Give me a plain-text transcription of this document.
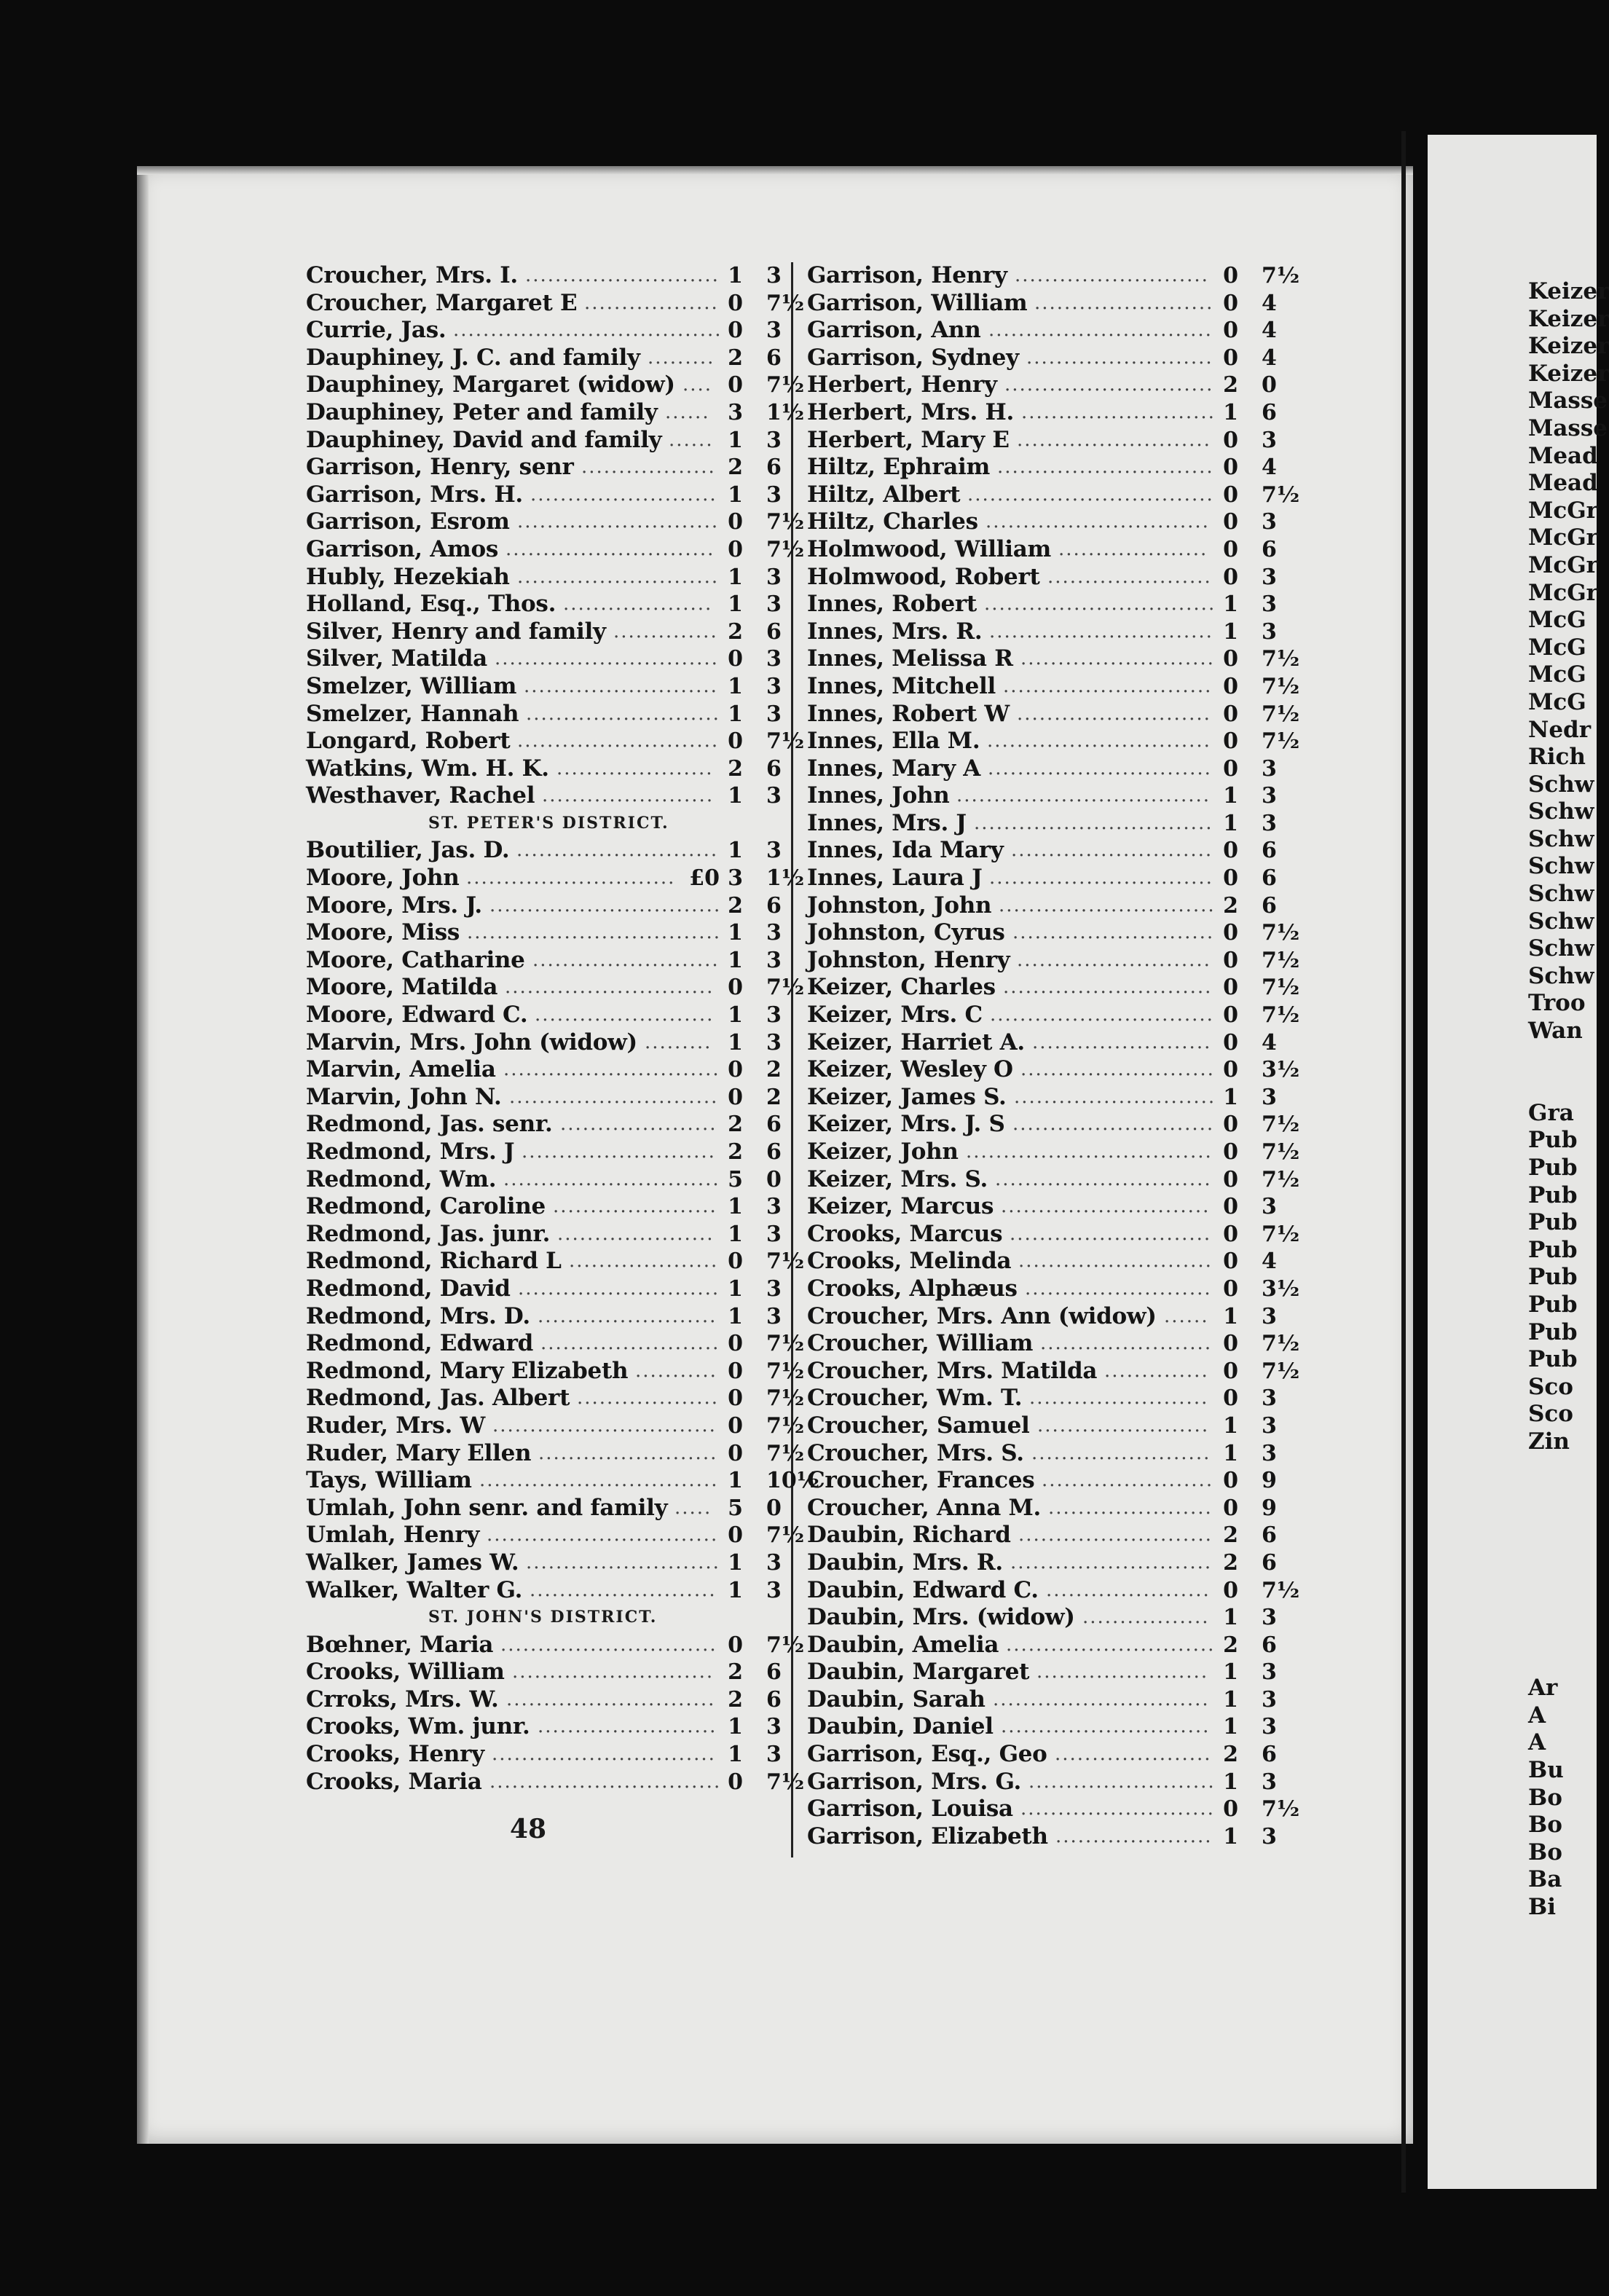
Croucher, Mrs. I. .......................... 1 3
Croucher, Margaret E .................. 0 7½
Currie, Jas. .................................... 0 3
Dauphiney, J. C. and family ......... 2 6
Dauphiney, Margaret (widow) .... 0 7½
Dauphiney, Peter and family ...... 3 1½
Dauphiney, David and family ...... 1 3
Garrison, Henry, senr .................. 2 6
Garrison, Mrs. H. ......................... 1 3
Garrison, Esrom ........................... 0 7½
Garrison, Amos ............................ 0 7½
Hubly, Hezekiah ........................... 1 3
Holland, Esq., Thos. .................... 1 3
Silver, Henry and family .............. 2 6
Silver, Matilda .............................. 0 3
Smelzer, William .......................... 1 3
Smelzer, Hannah .......................... 1 3
Longard, Robert ........................... 0 7½
Watkins, Wm. H. K. ..................... 2 6
Westhaver, Rachel ....................... 1 3
ST. PETER'S DISTRICT.
Boutilier, Jas. D. ........................... 1 3
Moore, John ............................ £0 3 1½
Moore, Mrs. J. ............................... 2 6
Moore, Miss .................................. 1 3
Moore, Catharine ......................... 1 3
Moore, Matilda ............................ 0 7½
Moore, Edward C. ........................ 1 3
Marvin, Mrs. John (widow) ......... 1 3
Marvin, Amelia ............................. 0 2
Marvin, John N. ............................ 0 2
Redmond, Jas. senr. ..................... 2 6
Redmond, Mrs. J .......................... 2 6
Redmond, Wm. ............................. 5 0
Redmond, Caroline ...................... 1 3
Redmond, Jas. junr. ..................... 1 3
Redmond, Richard L .................... 0 7½
Redmond, David ........................... 1 3
Redmond, Mrs. D. ........................ 1 3
Redmond, Edward ........................ 0 7½
Redmond, Mary Elizabeth ........... 0 7½
Redmond, Jas. Albert ................... 0 7½
Ruder, Mrs. W .............................. 0 7½
Ruder, Mary Ellen ........................ 0 7½
Tays, William ................................ 1 10½
Umlah, John senr. and family ..... 5 0
Umlah, Henry ............................... 0 7½
Walker, James W. .......................... 1 3
Walker, Walter G. ......................... 1 3
ST. JOHN'S DISTRICT.
Bœhner, Maria ............................. 0 7½
Crooks, William ........................... 2 6
Crroks, Mrs. W. ............................ 2 6
Crooks, Wm. junr. ........................ 1 3
Crooks, Henry .............................. 1 3
Crooks, Maria ............................... 0 7½
Garrison, Henry .......................... 0 7½
Garrison, William ........................ 0 4
Garrison, Ann .............................. 0 4
Garrison, Sydney ......................... 0 4
Herbert, Henry ............................ 2 0
Herbert, Mrs. H. .......................... 1 6
Herbert, Mary E .......................... 0 3
Hiltz, Ephraim ............................. 0 4
Hiltz, Albert ................................. 0 7½
Hiltz, Charles .............................. 0 3
Holmwood, William .................... 0 6
Holmwood, Robert ...................... 0 3
Innes, Robert ............................... 1 3
Innes, Mrs. R. .............................. 1 3
Innes, Melissa R .......................... 0 7½
Innes, Mitchell ............................ 0 7½
Innes, Robert W .......................... 0 7½
Innes, Ella M. .............................. 0 7½
Innes, Mary A .............................. 0 3
Innes, John .................................. 1 3
Innes, Mrs. J ................................ 1 3
Innes, Ida Mary ........................... 0 6
Innes, Laura J .............................. 0 6
Johnston, John ............................. 2 6
Johnston, Cyrus ........................... 0 7½
Johnston, Henry .......................... 0 7½
Keizer, Charles ............................ 0 7½
Keizer, Mrs. C .............................. 0 7½
Keizer, Harriet A. ........................ 0 4
Keizer, Wesley O .......................... 0 3½
Keizer, James S. ........................... 1 3
Keizer, Mrs. J. S ........................... 0 7½
Keizer, John ................................. 0 7½
Keizer, Mrs. S. ............................. 0 7½
Keizer, Marcus ............................ 0 3
Crooks, Marcus ........................... 0 7½
Crooks, Melinda .......................... 0 4
Crooks, Alphæus ......................... 0 3½
Croucher, Mrs. Ann (widow) ...... 1 3
Croucher, William ....................... 0 7½
Croucher, Mrs. Matilda .............. 0 7½
Croucher, Wm. T. ........................ 0 3
Croucher, Samuel ....................... 1 3
Croucher, Mrs. S. ........................ 1 3
Croucher, Frances ....................... 0 9
Croucher, Anna M. ...................... 0 9
Daubin, Richard .......................... 2 6
Daubin, Mrs. R. ........................... 2 6
Daubin, Edward C. ...................... 0 7½
Daubin, Mrs. (widow) ................. 1 3
Daubin, Amelia ............................ 2 6
Daubin, Margaret ....................... 1 3
Daubin, Sarah ............................. 1 3
Daubin, Daniel ............................ 1 3
Garrison, Esq., Geo ..................... 2 6
Garrison, Mrs. G. ......................... 1 3
Garrison, Louisa .......................... 0 7½
Garrison, Elizabeth ..................... 1 3
48
Keizer
Keizer
Keizer
Keizer
Masse
Masse
Mead
Mead
McGr
McGr
McGr
McGr
McG
McG
McG
McG
Nedr
Rich
Schw
Schw
Schw
Schw
Schw
Schw
Schw
Schw
Troo
Wan
Gra
Pub
Pub
Pub
Pub
Pub
Pub
Pub
Pub
Pub
Sco
Sco
Zin
Ar
A
A
Bu
Bo
Bo
Bo
Ba
Bi
